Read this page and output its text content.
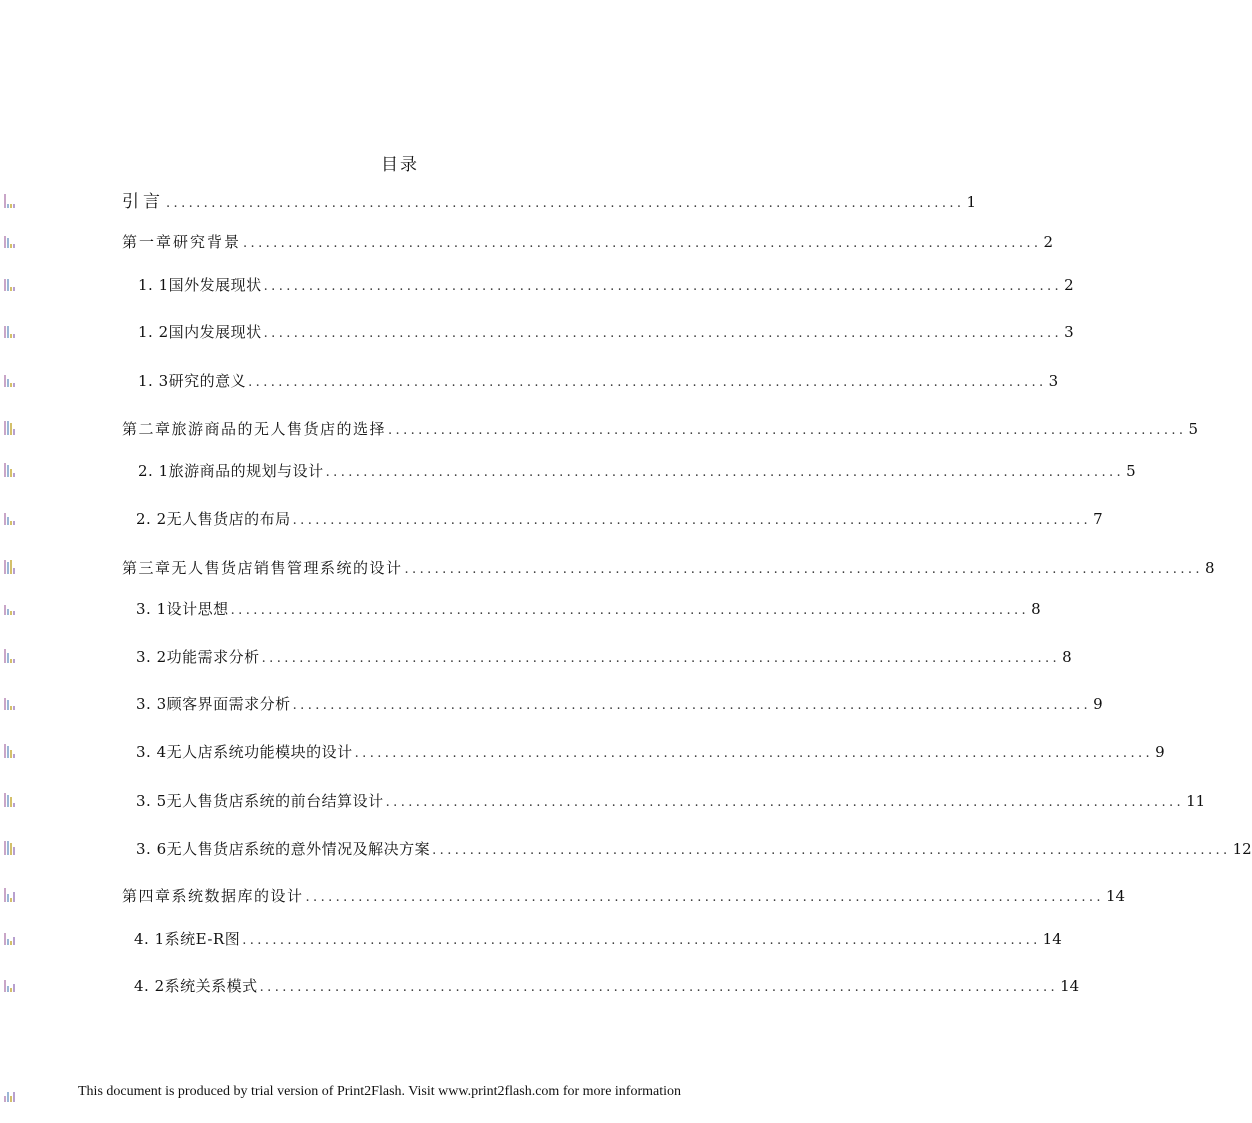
目录
引言 .......................................................................................................... 1
第一章研究背景 .......................................................................................................... 2
1. 1国外发展现状 .......................................................................................................... 2
1. 2国内发展现状 .......................................................................................................... 3
1. 3研究的意义 .......................................................................................................... 3
第二章旅游商品的无人售货店的选择 .......................................................................................................... 5
2. 1旅游商品的规划与设计 .......................................................................................................... 5
2. 2无人售货店的布局 .......................................................................................................... 7
第三章无人售货店销售管理系统的设计 .......................................................................................................... 8
3. 1设计思想 .......................................................................................................... 8
3. 2功能需求分析 .......................................................................................................... 8
3. 3顾客界面需求分析 .......................................................................................................... 9
3. 4无人店系统功能模块的设计 .......................................................................................................... 9
3. 5无人售货店系统的前台结算设计 .......................................................................................................... 11
3. 6无人售货店系统的意外情况及解决方案 .......................................................................................................... 12
第四章系统数据库的设计 .......................................................................................................... 14
4. 1系统E-R图 .......................................................................................................... 14
4. 2系统关系模式 .......................................................................................................... 14
This document is produced by trial version of Print2Flash. Visit www.print2flash.com for more information
